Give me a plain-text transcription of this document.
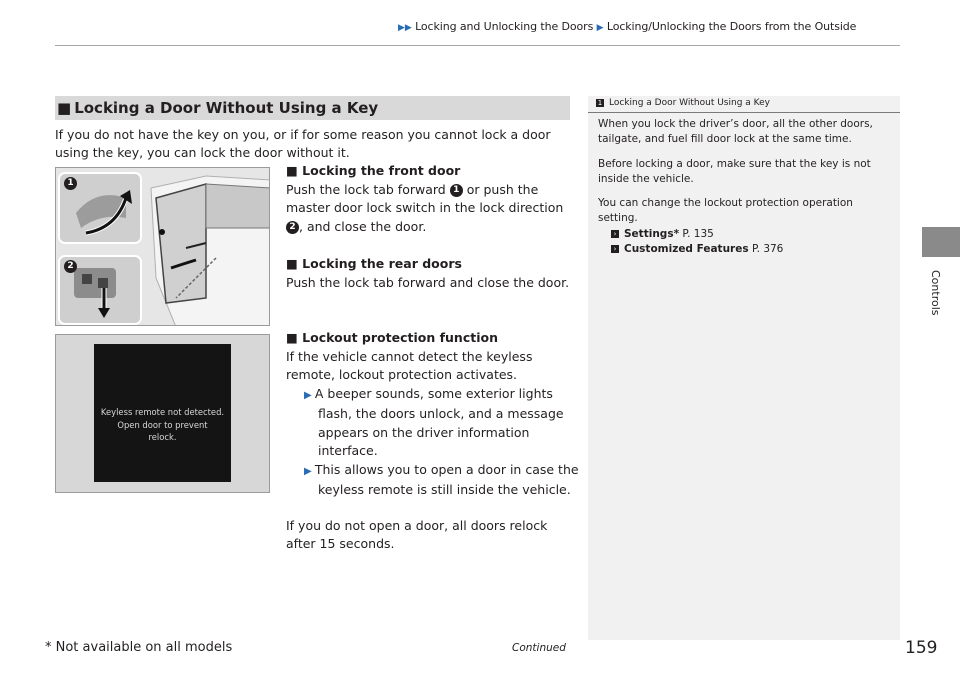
▶▶ Locking and Unlocking the Doors ▶ Locking/Unlocking the Doors from the Outside
Controls
■ Locking a Door Without Using a Key
If you do not have the key on you, or if for some reason you cannot lock a door using the key, you can lock the door without it.
1
2
Keyless remote not detected.
Open door to prevent
relock.
■ Locking the front door
Push the lock tab forward 1 or push the master door lock switch in the lock direction
2 , and close the door.
■ Locking the rear doors
Push the lock tab forward and close the door.
■ Lockout protection function
If the vehicle cannot detect the keyless remote, lockout protection activates.
▶ A beeper sounds, some exterior lights flash, the doors unlock, and a message appears on the driver information interface.
▶ This allows you to open a door in case the keyless remote is still inside the vehicle.
If you do not open a door, all doors relock after 15 seconds.
1 Locking a Door Without Using a Key

When you lock the driver’s door, all the other doors, tailgate, and fuel fill door lock at the same time.

Before locking a door, make sure that the key is not inside the vehicle.

You can change the lockout protection operation setting.

› Settings* P. 135
› Customized Features P. 376
* Not available on all models	Continued	159
